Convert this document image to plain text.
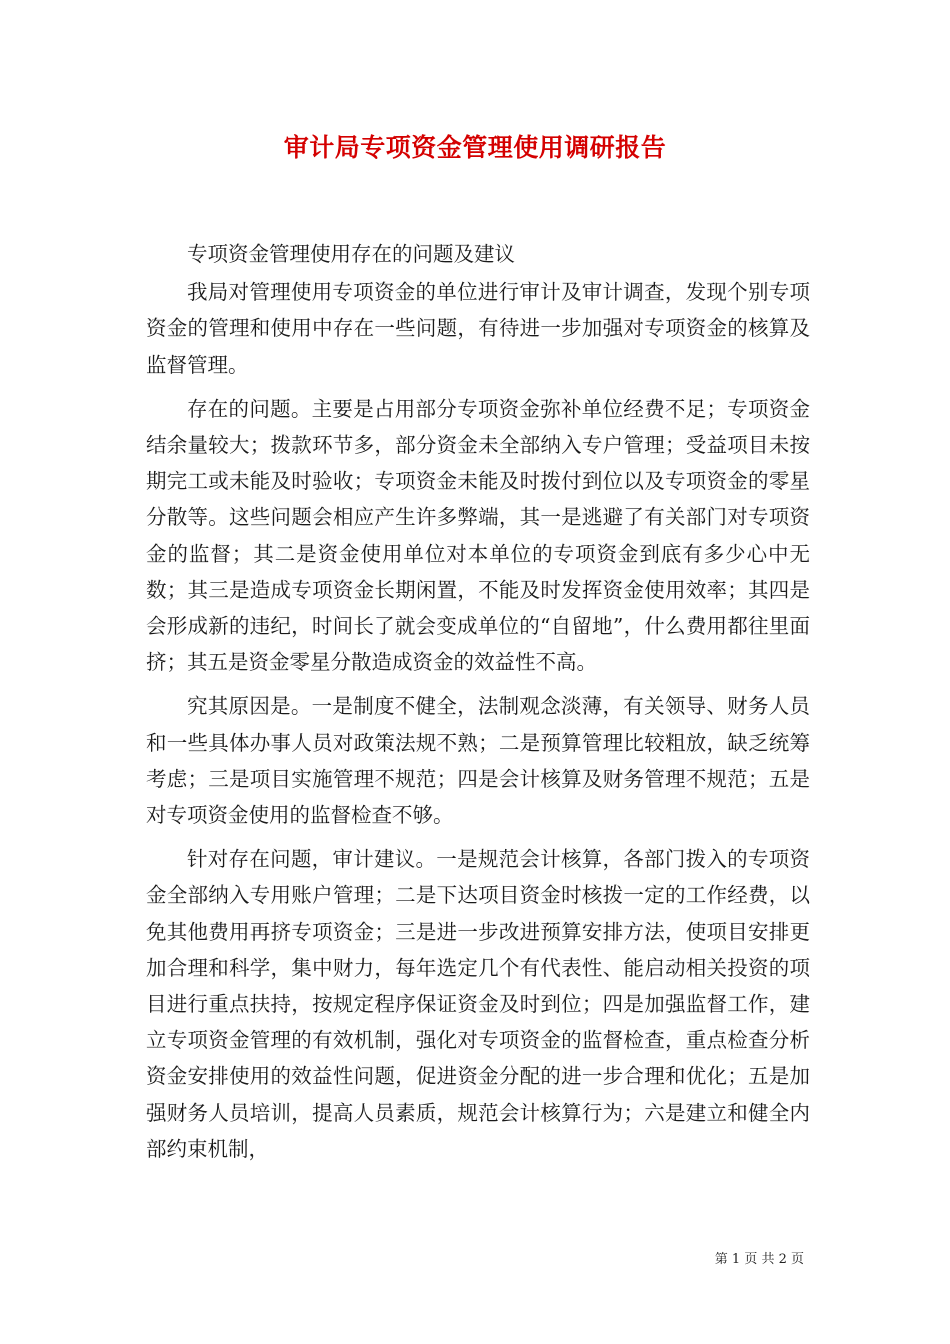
审计局专项资金管理使用调研报告

专项资金管理使用存在的问题及建议

我局对管理使用专项资金的单位进行审计及审计调查，发现个别专项资金的管理和使用中存在一些问题，有待进一步加强对专项资金的核算及监督管理。

存在的问题。主要是占用部分专项资金弥补单位经费不足；专项资金结余量较大；拨款环节多，部分资金未全部纳入专户管理；受益项目未按期完工或未能及时验收；专项资金未能及时拨付到位以及专项资金的零星分散等。这些问题会相应产生许多弊端，其一是逃避了有关部门对专项资金的监督；其二是资金使用单位对本单位的专项资金到底有多少心中无数；其三是造成专项资金长期闲置，不能及时发挥资金使用效率；其四是会形成新的违纪，时间长了就会变成单位的“自留地”，什么费用都往里面挤；其五是资金零星分散造成资金的效益性不高。

究其原因是。一是制度不健全，法制观念淡薄，有关领导、财务人员和一些具体办事人员对政策法规不熟；二是预算管理比较粗放，缺乏统筹考虑；三是项目实施管理不规范；四是会计核算及财务管理不规范；五是对专项资金使用的监督检查不够。

针对存在问题，审计建议。一是规范会计核算，各部门拨入的专项资金全部纳入专用账户管理；二是下达项目资金时核拨一定的工作经费，以免其他费用再挤专项资金；三是进一步改进预算安排方法，使项目安排更加合理和科学，集中财力，每年选定几个有代表性、能启动相关投资的项目进行重点扶持，按规定程序保证资金及时到位；四是加强监督工作，建立专项资金管理的有效机制，强化对专项资金的监督检查，重点检查分析资金安排使用的效益性问题，促进资金分配的进一步合理和优化；五是加强财务人员培训，提高人员素质，规范会计核算行为；六是建立和健全内部约束机制，

第 1 页 共 2 页
